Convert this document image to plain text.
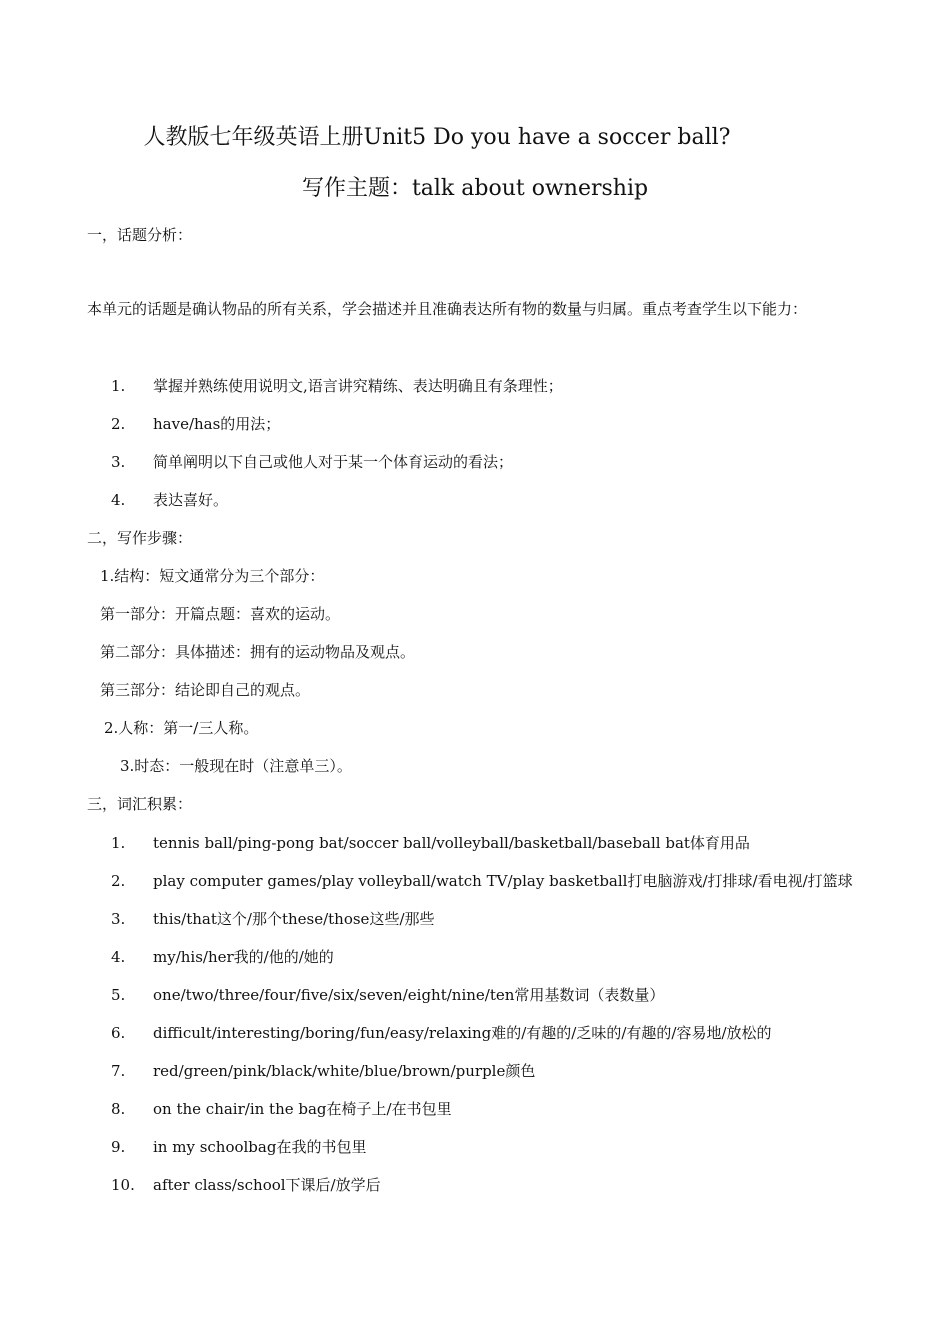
人教版七年级英语上册Unit5 Do you have a soccer ball?
写作主题：talk about ownership
一，话题分析：
本单元的话题是确认物品的所有关系，学会描述并且准确表达所有物的数量与归属。重点考查学生以下能力：
1. 掌握并熟练使用说明文,语言讲究精练、表达明确且有条理性；
2. have/has的用法；
3. 简单阐明以下自己或他人对于某一个体育运动的看法；
4. 表达喜好。
二，写作步骤：
1.结构：短文通常分为三个部分：
第一部分：开篇点题：喜欢的运动。
第二部分：具体描述：拥有的运动物品及观点。
第三部分：结论即自己的观点。
2.人称：第一/三人称。
3.时态：一般现在时（注意单三）。
三，词汇积累：
1. tennis ball/ping-pong bat/soccer ball/volleyball/basketball/baseball bat体育用品
2. play computer games/play volleyball/watch TV/play basketball打电脑游戏/打排球/看电视/打篮球
3. this/that这个/那个these/those这些/那些
4. my/his/her我的/他的/她的
5. one/two/three/four/five/six/seven/eight/nine/ten常用基数词（表数量）
6. difficult/interesting/boring/fun/easy/relaxing难的/有趣的/乏味的/有趣的/容易地/放松的
7. red/green/pink/black/white/blue/brown/purple颜色
8. on the chair/in the bag在椅子上/在书包里
9. in my schoolbag在我的书包里
10. after class/school下课后/放学后
